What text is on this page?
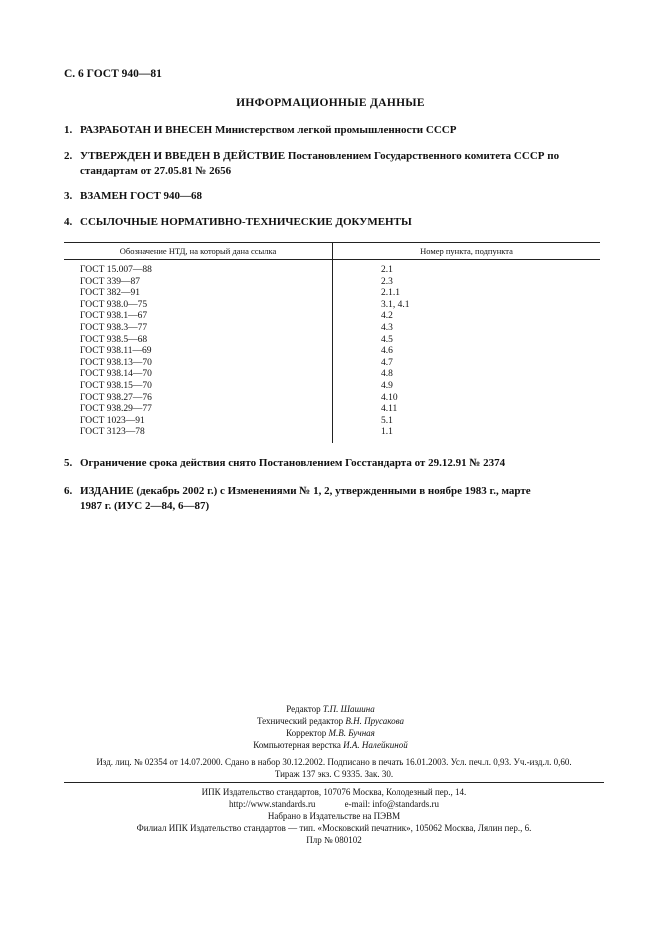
С. 6 ГОСТ 940—81
ИНФОРМАЦИОННЫЕ ДАННЫЕ
1. РАЗРАБОТАН И ВНЕСЕН Министерством легкой промышленности СССР
2. УТВЕРЖДЕН И ВВЕДЕН В ДЕЙСТВИЕ Постановлением Государственного комитета СССР по
стандартам от 27.05.81 № 2656
3. ВЗАМЕН ГОСТ 940—68
4. ССЫЛОЧНЫЕ НОРМАТИВНО-ТЕХНИЧЕСКИЕ ДОКУМЕНТЫ
Обозначение НТД, на который дана ссылка	Номер пункта, подпункта
ГОСТ 15.007—88	2.1
ГОСТ 339—87	2.3
ГОСТ 382—91	2.1.1
ГОСТ 938.0—75	3.1, 4.1
ГОСТ 938.1—67	4.2
ГОСТ 938.3—77	4.3
ГОСТ 938.5—68	4.5
ГОСТ 938.11—69	4.6
ГОСТ 938.13—70	4.7
ГОСТ 938.14—70	4.8
ГОСТ 938.15—70	4.9
ГОСТ 938.27—76	4.10
ГОСТ 938.29—77	4.11
ГОСТ 1023—91	5.1
ГОСТ 3123—78	1.1
5. Ограничение срока действия снято Постановлением Госстандарта от 29.12.91 № 2374
6. ИЗДАНИЕ (декабрь 2002 г.) с Изменениями № 1, 2, утвержденными в ноябре 1983 г., марте
1987 г. (ИУС 2—84, 6—87)
Редактор Т.П. Шашина
Технический редактор В.Н. Прусакова
Корректор М.В. Бучная
Компьютерная верстка И.А. Налейкиной
Изд. лиц. № 02354 от 14.07.2000. Сдано в набор 30.12.2002. Подписано в печать 16.01.2003. Усл. печ.л. 0,93. Уч.-изд.л. 0,60.
Тираж 137 экз. С 9335. Зак. 30.
ИПК Издательство стандартов, 107076 Москва, Колодезный пер., 14.
http://www.standards.ru             e-mail: info@standards.ru
Набрано в Издательстве на ПЭВМ
Филиал ИПК Издательство стандартов — тип. «Московский печатник», 105062 Москва, Лялин пер., 6.
Плр № 080102
